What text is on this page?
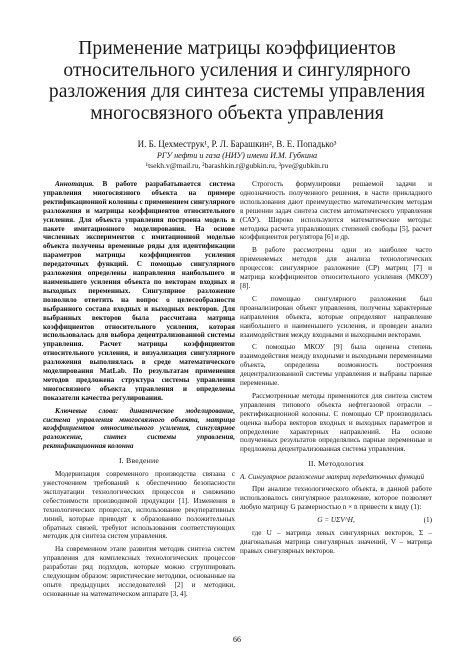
Применение матрицы коэффициентов относительного усиления и сингулярного разложения для синтеза системы управления многосвязного объекта управления
И. Б. Цехместрук¹, Р. Л. Барашкин², В. Е. Попадько³
РГУ нефти и газа (НИУ) имени И.М. Губкина
¹tsekh.v@mail.ru, ²barashkin.r@gubkin.ru, ³pve@gubkin.ru

Аннотация. В работе разрабатывается система управления многосвязного объекта на примере ректификационной колонны с применением сингулярного разложения и матрицы коэффициентов относительного усиления. Для объекта управления построена модель в пакете имитационного моделирования. На основе численных экспериментов с имитационной моделью объекта получены временные ряды для идентификации параметров матрицы коэффициентов усиления передаточных функций. С помощью сингулярного разложения определены направления наибольшего и наименьшего усиления объекта по векторам входных и выходных переменных. Сингулярное разложение позволило ответить на вопрос о целесообразности выбранного состава входных и выходных векторов. Для выбранных векторов была рассчитана матрица коэффициентов относительного усиления, которая использовалась для выбора децентрализованной системы управления. Расчет матрицы коэффициентов относительного усиления, и визуализация сингулярного разложения выполнялась в среде математического моделирования MatLab. По результатам применения методов предложена структура системы управления многосвязного объекта управления и определены показатели качества регулирования.

Ключевые слова: динамическое моделирование, система управления многосвязного объекта, матрица коэффициентов относительного усиления, сингулярное разложение, синтез системы управления, ректификационная колонна

I. Введение

Модернизация современного производства связана с ужесточением требований к обеспечению безопасности эксплуатации технологических процессов и снижению себестоимости производимой продукции [1]. Изменения в технологических процессах, использование рекуперативных линий, которые приводят к образованию положительных обратных связей, требуют использования соответствующих методик для синтеза систем управления.

На современном этапе развития методик синтеза систем управления для комплексных технологических процессов разработан ряд подходов, которые можно сгруппировать следующим образом: эвристические методики, основанные на опыте предыдущих исследователей [2] и методики, основанные на математическом аппарате [3, 4].

Строгость формулировки решаемой задачи и однозначность полученного решения, в части прикладного использования дают преимущество математическим методам в решении задач синтеза систем автоматического управления (САУ). Широко используются математические методы: методика расчета управляющих степеней свободы [5], расчет коэффициентов регулятора [6] и др.

В работе рассмотрены одни из наиболее часто применяемых методов для анализа технологических процессов: сингулярное разложение (СР) матриц [7] и матрица коэффициентов относительного усиления (МКОУ) [8].

С помощью сингулярного разложения был проанализирован объект управления, получены характерные направления объекта, которые определяют направление наибольшего и наименьшего усиления, и проведен анализ взаимодействия между входными и выходными векторами.

С помощью МКОУ [9] была оценена степень взаимодействия между входными и выходными переменными объекта, определена возможность построения децентрализованной системы управления и выбраны парные переменные.

Рассмотренные методы применяются для синтеза систем управления типового объекта нефтегазовой отрасли – ректификационной колонны. С помощью СР производилась оценка выбора векторов входных и выходных параметров и определение характерных направлений. На основе полученных результатов определялись парные переменные и предложена децентрализованная система управления.

II. Методология
A. Сингулярное разложение матриц передаточных функций

При анализе технологического объекта, в данной работе использовалось сингулярное разложение, которое позволяет любую матрицу G размерностью n × n привести к виду (1):

G = UΣV^H,	(1)

где U – матрица левых сингулярных векторов, Σ – диагональная матрица сингулярных значений, V – матрица правых сингулярных векторов.

66
